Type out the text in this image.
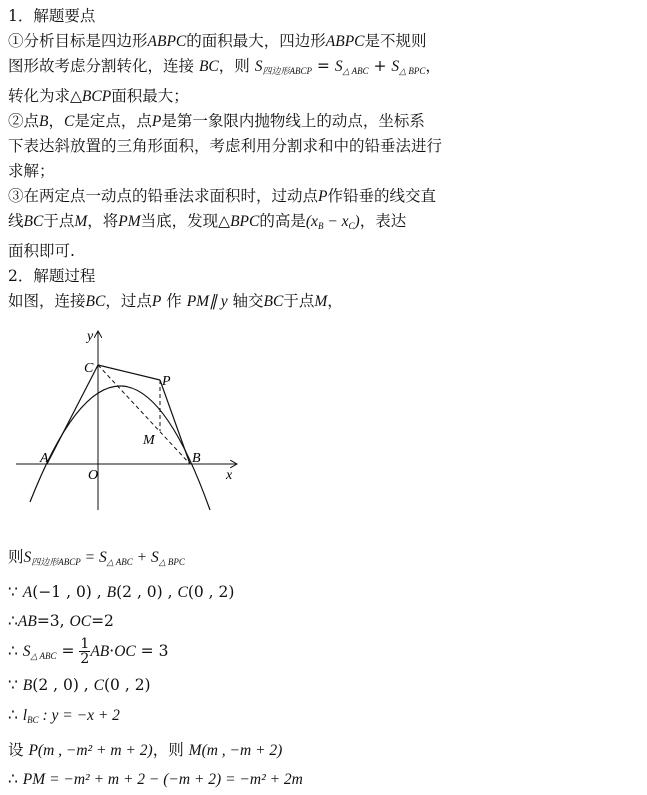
1．解题要点
①分析目标是四边形ABPC的面积最大，四边形ABPC是不规则
图形故考虑分割转化，连接 BC，则 $S_{四边形ABCP} = S_{\triangle ABC} + S_{\triangle BPC}$，
转化为求△BCP面积最大；
②点B，C是定点，点P是第一象限内抛物线上的动点，坐标系
下表达斜放置的三角形面积，考虑利用分割求和中的铅垂法进行
求解；
③在两定点一动点的铅垂法求面积时，过动点P作铅垂的线交直
线BC于点M，将PM当底，发现△BPC的高是$(x_B - x_C)$，表达
面积即可.
2．解题过程
如图，连接BC，过点P 作 PM∥ y 轴交BC于点M，
y
x
C
P
M
A
O
B
则$S_{四边形ABCP} = S_{\triangle ABC} + S_{\triangle BPC}$
∵ A(−1 , 0) , B(2 , 0) , C(0 , 2)
∴AB=3, OC=2
∴ $S_{\triangle ABC} = \frac{1}{2} AB\cdot OC = 3$
∵ B(2 , 0) , C(0 , 2)
∴ $l_{BC}$ : y = −x + 2
设 P(m , −m² + m + 2)，则 M(m , −m + 2)
∴ PM = −m² + m + 2 − (−m + 2) = −m² + 2m
